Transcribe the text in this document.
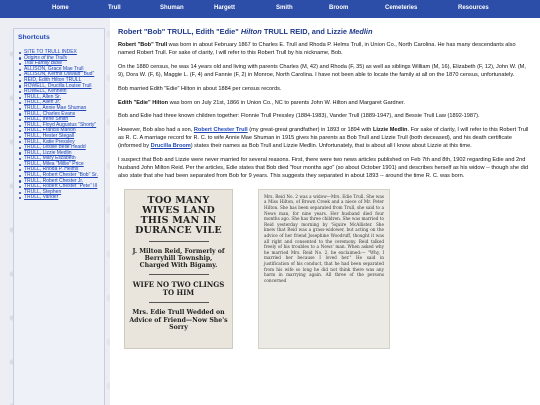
Home	Trull	Shuman	Hargett	Smith	Broom	Cemeteries	Resources
Shortcuts
SITE TO TRULL INDEX
Origins of the Trulls
Trull Family Bible
ALLISON, Grace Mae Trull
ALLISON, Kermit Oswald "Bud"
REID, Edith Hilton TRULL
ROWELL, Drucilla Louise Trull
ROWELL, Kenneth
TRULL, Allen Sr.
TRULL, Allen Jr.
TRULL, Annie Mae Shuman
TRULL, Charles Evans
TRULL, Irene Smith
TRULL, Floyd Augustus "Shorty"
TRULL, Francis Marion
TRULL, Hester Stegall
TRULL, Katie Pressley
TRULL, Lessie Belle Headd
TRULL, Lizzie Medlin
TRULL, Mary Elizabeth
TRULL, Milea "Millie" Price
TRULL, Rhoda P. Helms
TRULL, Robert Chester "Bob" Sr.
TRULL, Robert Chester Jr.
TRULL, Robert Chester "Pete" III
TRULL, Stephen
TRULL, Vander
Robert "Bob" TRULL, Edith "Edie" Hilton TRULL REID, and Lizzie Medlin

Robert "Bob" Trull was born in about February 1867 to Charles E. Trull and Rhoda P. Helms Trull, in Union Co., North Carolina. He has many descendants also named Robert Trull. For sake of clarity, I will refer to this Robert Trull by his nickname, Bob.

On the 1880 census, he was 14 years old and living with parents Charles (M, 42) and Rhoda (F, 35) as well as siblings William (M, 16), Elizabeth (F, 12), John W. (M, 9), Dora W. (F, 6), Maggie L. (F, 4) and Fannie (F, 2) in Monroe, North Carolina. I have not been able to locate the family at all on the 1870 census, unfortunately.

Bob married Edith "Edie" Hilton in about 1884 per census records.

Edith "Edie" Hilton was born on July 21st, 1866 in Union Co., NC to parents John W. Hilton and Margaret Gardner.

Bob and Edie had three known children together: Flonnie Trull Pressley (1884-1983), Vander Trull (1889-1947), and Bessie Trull Law (1892-1987).

However, Bob also had a son, Robert Chester Trull (my great-great grandfather) in 1893 or 1894 with Lizzie Medlin. For sake of clarity, I will refer to this Robert Trull as R. C. A marriage record for R. C. to wife Annie Mae Shuman in 1915 gives his parents as Bob Trull and Lizzie Trull (both deceased), and his death certificate (informed by Drucilla Broom) states their names as Bob Trull and Lizzie Medlin. Unfortunately, that is about all I know about Lizzie at this time.

I suspect that Bob and Lizzie were never married for several reasons. First, there were two news articles published on Feb 7th and 8th, 1902 regarding Edie and 2nd husband John Milton Reid. Per the articles, Edie states that Bob died "four months ago" (so about October 1901) and describes herself as his widow -- though she did also state that she had been separated from Bob for 9 years. This suggests they separated in about 1893 -- around the time R. C. was born.

TOO MANY WIVES LAND THIS MAN IN DURANCE VILE
J. Milton Reid, Formerly of Berryhill Township, Charged With Bigamy.
WIFE NO TWO CLINGS TO HIM
Mrs. Edie Trull Wedded on Advice of Friend—Now She's Sorry
Mrs. Reid No. 2 was a widow—Mrs. Edie Trull. She was a Miss Hilton, of Brown Creek and a niece of Mr. Peter Hilton. She has been separated from Trull, she said to a News man, for nine years. Her husband died four months ago. She has three children. She was married to Reid yesterday morning by 'Squire McAllister. She knew that Reid was a grass-widower, but acting on the advice of her friend Josephine Woodruff, thought it was all right and consented to the ceremony. Reid talked freely of his troubles to a News' man. When asked why he married Mrs. Reid No. 2, he exclaimed:— "Why, I married her because I loved her." He said in justification of his conduct, that he had been separated from his wife so long he did not think there was any harm in marrying again. All three of the persons concerned
